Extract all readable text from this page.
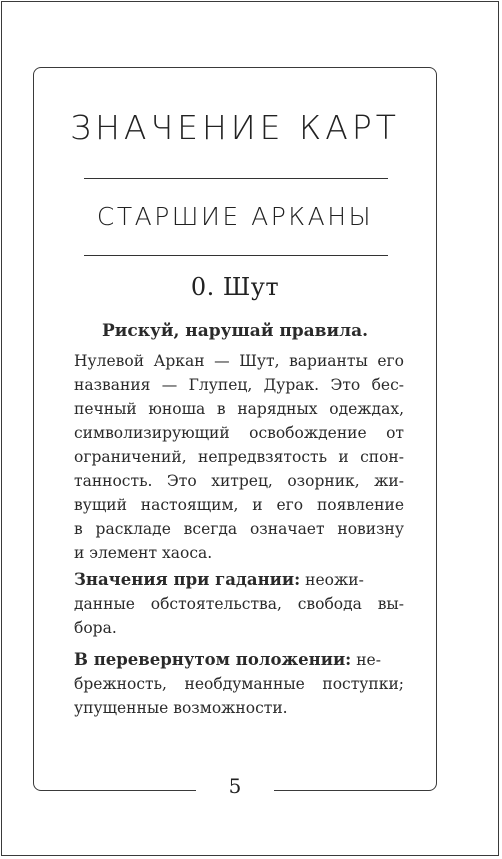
ЗНАЧЕНИЕ КАРТ
СТАРШИЕ АРКАНЫ
0. Шут
Рискуй, нарушай правила.
Нулевой Аркан — Шут, варианты его
названия — Глупец, Дурак. Это бес-
печный юноша в нарядных одеждах,
символизирующий освобождение от
ограничений, непредвзятость и спон-
танность. Это хитрец, озорник, жи-
вущий настоящим, и его появление
в раскладе всегда означает новизну
и элемент хаоса.
Значения при гадании: неожи-
данные обстоятельства, свобода вы-
бора.
В перевернутом положении: не-
брежность, необдуманные поступки;
упущенные возможности.
5
